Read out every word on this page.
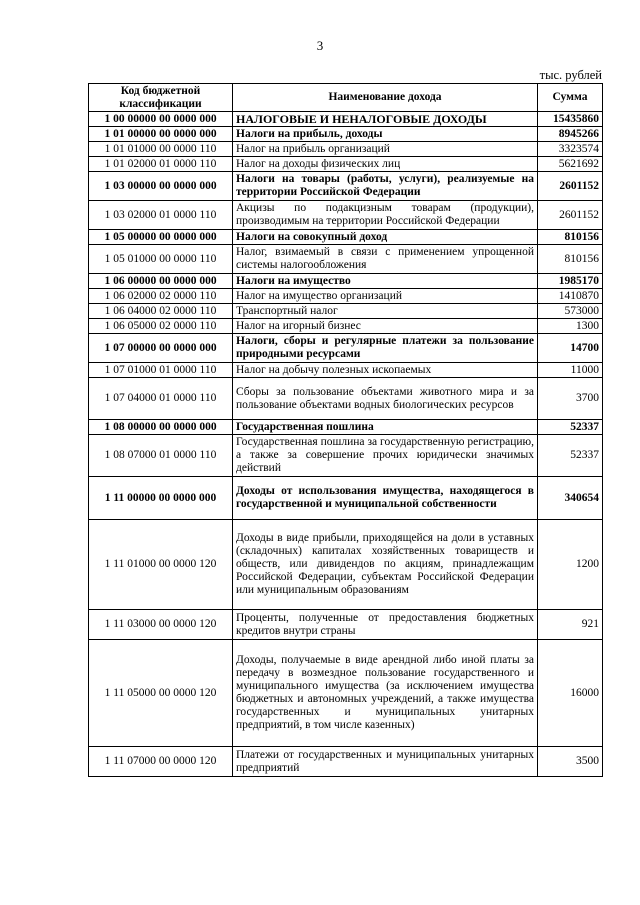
3
тыс. рублей
Код бюджетной классификации	Наименование дохода	Сумма
1 00 00000 00 0000 000	НАЛОГОВЫЕ И НЕНАЛОГОВЫЕ ДОХОДЫ	15435860
1 01 00000 00 0000 000	Налоги на прибыль, доходы	8945266
1 01 01000 00 0000 110	Налог на прибыль организаций	3323574
1 01 02000 01 0000 110	Налог на доходы физических лиц	5621692
1 03 00000 00 0000 000	Налоги на товары (работы, услуги), реализуемые на территории Российской Федерации	2601152
1 03 02000 01 0000 110	Акцизы по подакцизным товарам (продукции), производимым на территории Российской Федерации	2601152
1 05 00000 00 0000 000	Налоги на совокупный доход	810156
1 05 01000 00 0000 110	Налог, взимаемый в связи с применением упрощенной системы налогообложения	810156
1 06 00000 00 0000 000	Налоги на имущество	1985170
1 06 02000 02 0000 110	Налог на имущество организаций	1410870
1 06 04000 02 0000 110	Транспортный налог	573000
1 06 05000 02 0000 110	Налог на игорный бизнес	1300
1 07 00000 00 0000 000	Налоги, сборы и регулярные платежи за пользование природными ресурсами	14700
1 07 01000 01 0000 110	Налог на добычу полезных ископаемых	11000
1 07 04000 01 0000 110	Сборы за пользование объектами животного мира и за пользование объектами водных биологических ресурсов	3700
1 08 00000 00 0000 000	Государственная пошлина	52337
1 08 07000 01 0000 110	Государственная пошлина за государственную регистрацию, а также за совершение прочих юридически значимых действий	52337
1 11 00000 00 0000 000	Доходы от использования имущества, находящегося в государственной и муниципальной собственности	340654
1 11 01000 00 0000 120	Доходы в виде прибыли, приходящейся на доли в уставных (складочных) капиталах хозяйственных товариществ и обществ, или дивидендов по акциям, принадлежащим Российской Федерации, субъектам Российской Федерации или муниципальным образованиям	1200
1 11 03000 00 0000 120	Проценты, полученные от предоставления бюджетных кредитов внутри страны	921
1 11 05000 00 0000 120	Доходы, получаемые в виде арендной либо иной платы за передачу в возмездное пользование государственного и муниципального имущества (за исключением имущества бюджетных и автономных учреждений, а также имущества государственных и муниципальных унитарных предприятий, в том числе казенных)	16000
1 11 07000 00 0000 120	Платежи от государственных и муниципальных унитарных предприятий	3500
